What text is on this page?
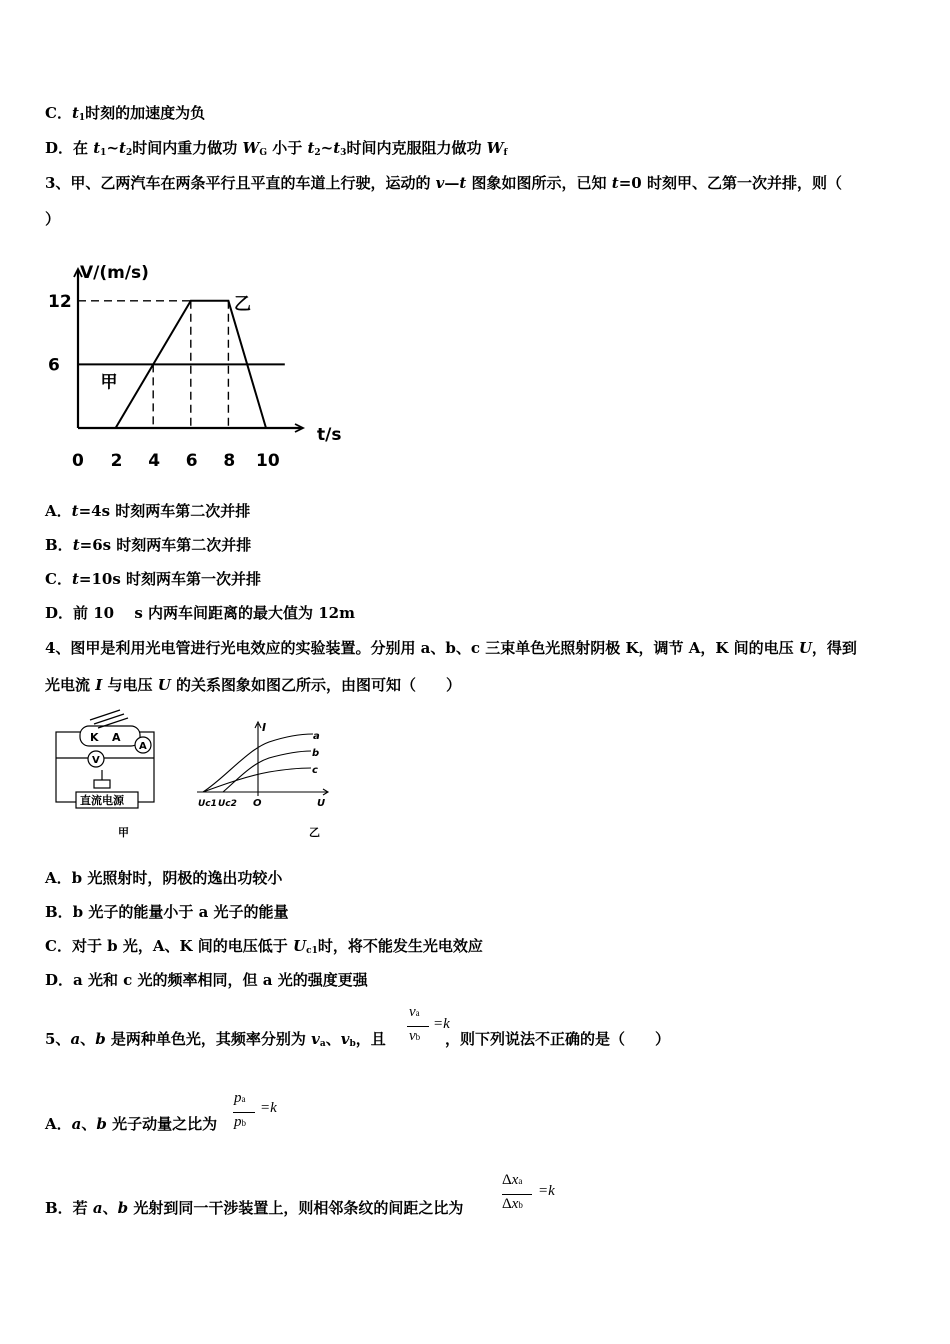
C．$t_1$时刻的加速度为负
D．在 $t_1\sim t_2$时间内重力做功 $W_G$ 小于 $t_2\sim t_3$时间内克服阻力做功 $W_f$
3、甲、乙两汽车在两条平行且平直的车道上行驶，运动的 v—t 图象如图所示，已知 t=0 时刻甲、乙第一次并排，则（
）
V/(m/s)
t/s
6
12
0 2 4 6 8 10
甲
乙
A．t=4s 时刻两车第二次并排
B．t=6s 时刻两车第二次并排
C．t=10s 时刻两车第一次并排
D．前 10　 s 内两车间距离的最大值为 12m
4、图甲是利用光电管进行光电效应的实验装置。分别用 a、b、c 三束单色光照射阴极 K，调节 A，K 间的电压 U，得到
光电流 I 与电压 U 的关系图象如图乙所示，由图可知（　　）
K A
A
V
直流电源
甲
I
a
b
c
Uc1 Uc2 O	U
乙
A．b 光照射时，阴极的逸出功较小
B．b 光子的能量小于 a 光子的能量
C．对于 b 光，A、K 间的电压低于 $U_{c1}$时，将不能发生光电效应
D．a 光和 c 光的频率相同，但 a 光的强度更强
5、a、b 是两种单色光，其频率分别为 $v_a$、$v_b$，且	，则下列说法不正确的是（　　）
va
vb
=k
A．a、b 光子动量之比为
pa
pb
=k
B．若 a、b 光射到同一干涉装置上，则相邻条纹的间距之比为
Δxa
Δxb
=k
